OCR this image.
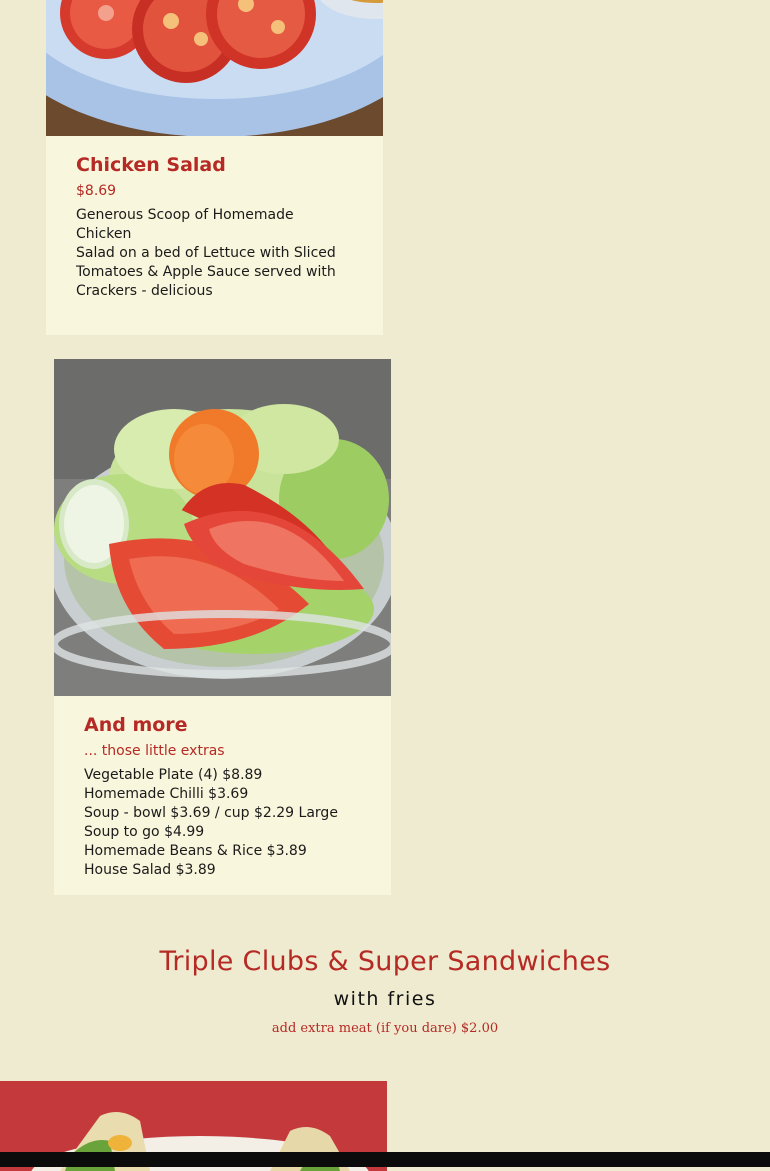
Chicken Salad
$8.69
Generous Scoop of Homemade Chicken
Salad on a bed of Lettuce with Sliced
Tomatoes & Apple Sauce served with
Crackers - delicious
And more
... those little extras
Vegetable Plate (4) $8.89
Homemade Chilli $3.69
Soup - bowl $3.69 / cup $2.29 Large
Soup to go $4.99
Homemade Beans & Rice $3.89
House Salad $3.89
Triple Clubs & Super Sandwiches
with fries
add extra meat (if you dare) $2.00
